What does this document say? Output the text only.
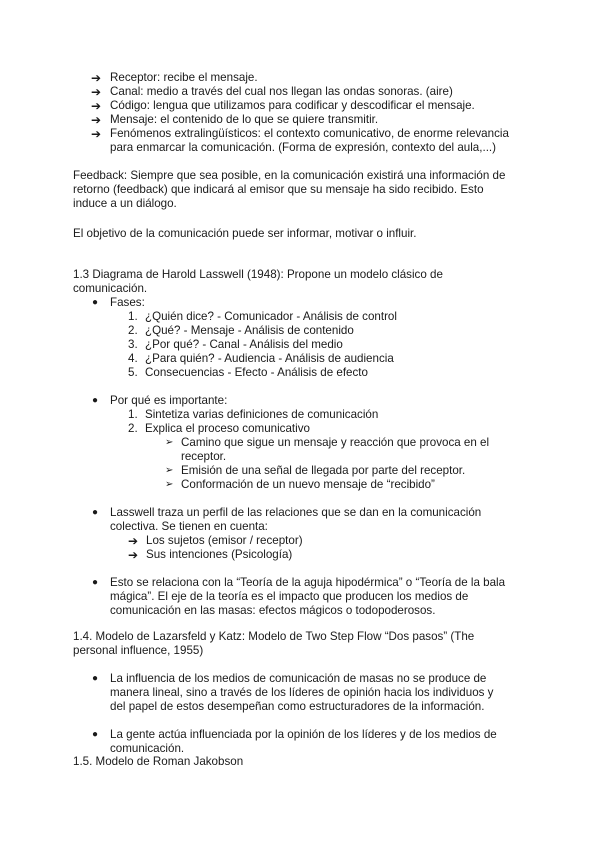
➔ Receptor: recibe el mensaje.
➔ Canal: medio a través del cual nos llegan las ondas sonoras. (aire)
➔ Código: lengua que utilizamos para codificar y descodificar el mensaje.
➔ Mensaje: el contenido de lo que se quiere transmitir.
➔ Fenómenos extralingüísticos: el contexto comunicativo, de enorme relevancia
para enmarcar la comunicación. (Forma de expresión, contexto del aula,...)
Feedback: Siempre que sea posible, en la comunicación existirá una información de
retorno (feedback) que indicará al emisor que su mensaje ha sido recibido. Esto
induce a un diálogo.
El objetivo de la comunicación puede ser informar, motivar o influir.
1.3 Diagrama de Harold Lasswell (1948): Propone un modelo clásico de
comunicación.
● Fases:
1. ¿Quién dice? - Comunicador - Análisis de control
2. ¿Qué? - Mensaje - Análisis de contenido
3. ¿Por qué? - Canal - Análisis del medio
4. ¿Para quién? - Audiencia - Análisis de audiencia
5. Consecuencias - Efecto - Análisis de efecto
● Por qué es importante:
1. Sintetiza varias definiciones de comunicación
2. Explica el proceso comunicativo
➢ Camino que sigue un mensaje y reacción que provoca en el
receptor.
➢ Emisión de una señal de llegada por parte del receptor.
➢ Conformación de un nuevo mensaje de “recibido”
● Lasswell traza un perfil de las relaciones que se dan en la comunicación
colectiva. Se tienen en cuenta:
➔ Los sujetos (emisor / receptor)
➔ Sus intenciones (Psicología)
● Esto se relaciona con la “Teoría de la aguja hipodérmica” o “Teoría de la bala
mágica”. El eje de la teoría es el impacto que producen los medios de
comunicación en las masas: efectos mágicos o todopoderosos.
1.4. Modelo de Lazarsfeld y Katz: Modelo de Two Step Flow “Dos pasos” (The
personal influence, 1955)
● La influencia de los medios de comunicación de masas no se produce de
manera lineal, sino a través de los líderes de opinión hacia los individuos y
del papel de estos desempeñan como estructuradores de la información.
● La gente actúa influenciada por la opinión de los líderes y de los medios de
comunicación.
1.5. Modelo de Roman Jakobson
